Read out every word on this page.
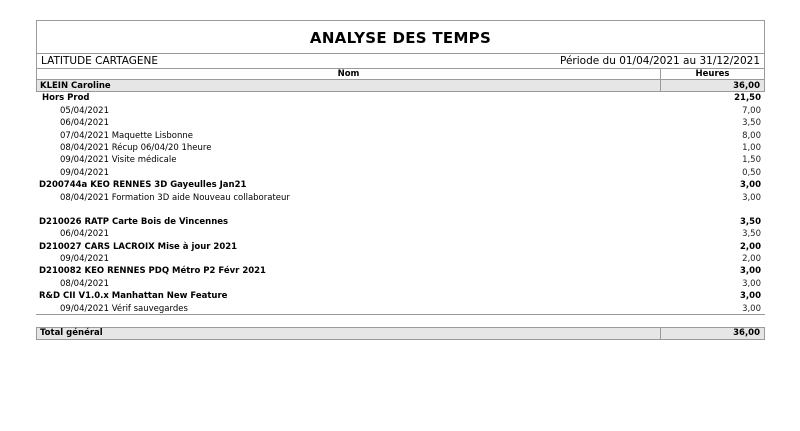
ANALYSE DES TEMPS
LATITUDE CARTAGENE	Période du 01/04/2021 au 31/12/2021
Nom	Heures
KLEIN Caroline	36,00
Hors Prod	21,50
05/04/2021	7,00
06/04/2021	3,50
07/04/2021 Maquette Lisbonne	8,00
08/04/2021 Récup 06/04/20 1heure	1,00
09/04/2021 Visite médicale	1,50
09/04/2021	0,50
D200744a KEO RENNES 3D Gayeulles Jan21	3,00
08/04/2021 Formation 3D aide Nouveau collaborateur	3,00
D210026 RATP Carte Bois de Vincennes	3,50
06/04/2021	3,50
D210027 CARS LACROIX Mise à jour 2021	2,00
09/04/2021	2,00
D210082 KEO RENNES PDQ Métro P2 Févr 2021	3,00
08/04/2021	3,00
R&D CII V1.0.x Manhattan New Feature	3,00
09/04/2021 Vérif sauvegardes	3,00
Total général	36,00
